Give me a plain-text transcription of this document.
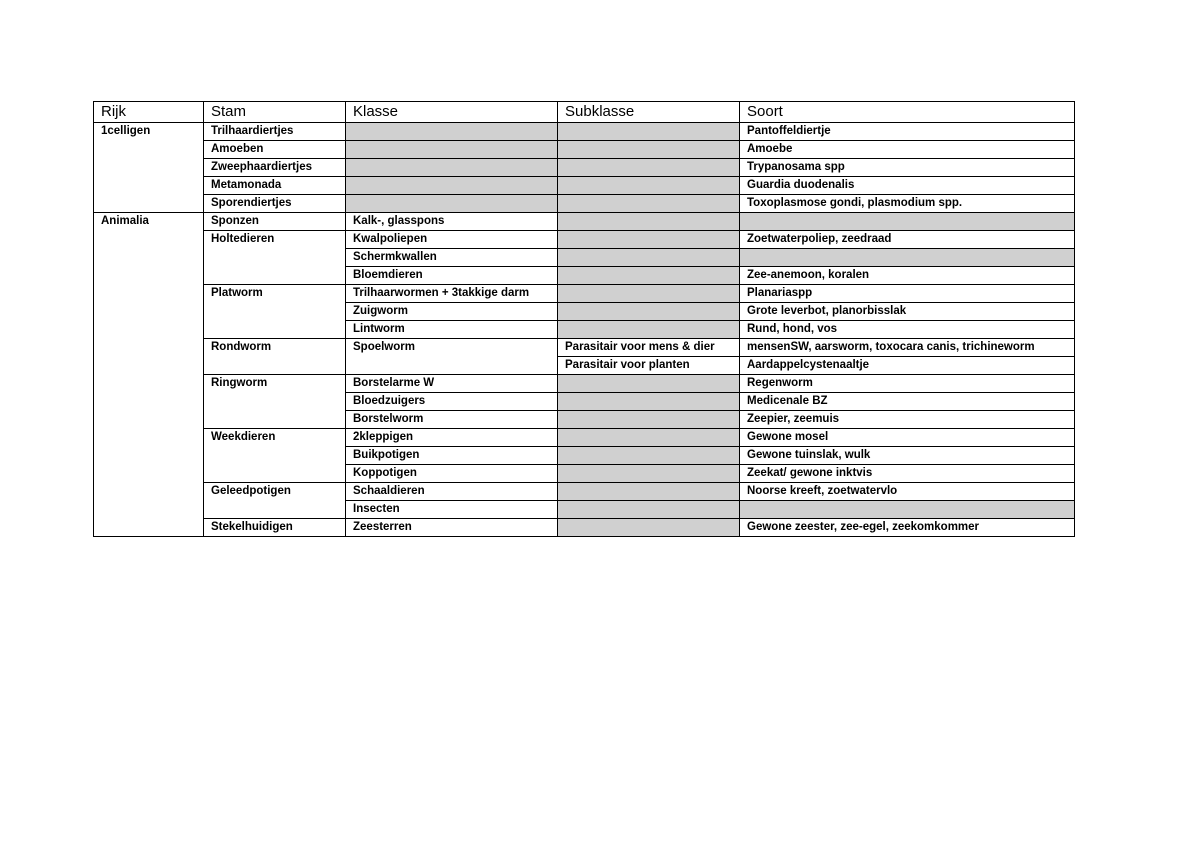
Rijk	Stam	Klasse	Subklasse	Soort
1celligen	Trilhaardiertjes			Pantoffeldiertje
	Amoeben			Amoebe
	Zweephaardiertjes			Trypanosama spp
	Metamonada			Guardia duodenalis
	Sporendiertjes			Toxoplasmose gondi, plasmodium spp.
Animalia	Sponzen	Kalk-, glasspons		
	Holtedieren	Kwalpoliepen		Zoetwaterpoliep, zeedraad
		Schermkwallen		
		Bloemdieren		Zee-anemoon, koralen
	Platworm	Trilhaarwormen + 3takkige darm		Planariaspp
		Zuigworm		Grote leverbot, planorbisslak
		Lintworm		Rund, hond, vos
	Rondworm	Spoelworm	Parasitair voor mens & dier	mensenSW, aarsworm, toxocara canis, trichineworm
			Parasitair voor planten	Aardappelcystenaaltje
	Ringworm	Borstelarme W		Regenworm
		Bloedzuigers		Medicenale BZ
		Borstelworm		Zeepier, zeemuis
	Weekdieren	2kleppigen		Gewone mosel
		Buikpotigen		Gewone tuinslak, wulk
		Koppotigen		Zeekat/ gewone inktvis
	Geleedpotigen	Schaaldieren		Noorse kreeft, zoetwatervlo
		Insecten		
	Stekelhuidigen	Zeesterren		Gewone zeester, zee-egel, zeekomkommer
